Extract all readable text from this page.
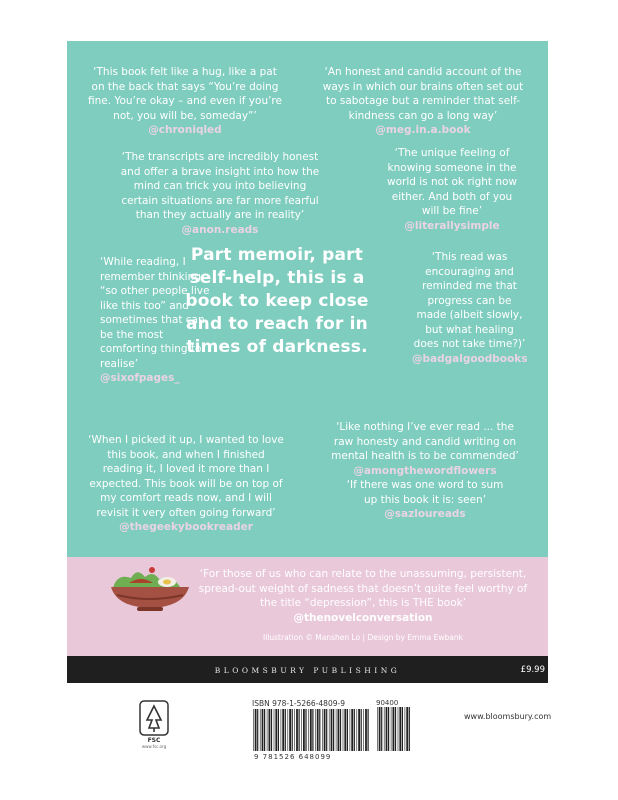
‘This book felt like a hug, like a pat on the back that says “You’re doing fine. You’re okay – and even if you’re not, you will be, someday”’
@chroniqled
‘An honest and candid account of the ways in which our brains often set out to sabotage but a reminder that self-kindness can go a long way’
@meg.in.a.book
‘The transcripts are incredibly honest and offer a brave insight into how the mind can trick you into believing certain situations are far more fearful than they actually are in reality’ @anon.reads
‘The unique feeling of knowing someone in the world is not ok right now either. And both of you will be fine’ @literallysimple
‘While reading, I remember thinking “so other people live like this too” and sometimes that can be the most comforting thing to realise’
@sixofpages_
‘This read was encouraging and reminded me that progress can be made (albeit slowly, but what healing does not take time?)’
@badgalgoodbooks
Part memoir, part self-help, this is a book to keep close and to reach for in times of darkness.
‘When I picked it up, I wanted to love this book, and when I finished reading it, I loved it more than I expected. This book will be on top of my comfort reads now, and I will revisit it very often going forward’
@thegeekybookreader
‘Like nothing I’ve ever read ... the raw honesty and candid writing on mental health is to be commended’
@amongthewordflowers
‘If there was one word to sum up this book it is: seen’
@sazloureads
‘For those of us who can relate to the unassuming, persistent, spread-out weight of sadness that doesn’t quite feel worthy of the title “depression”, this is THE book’ @thenovelconversation
Illustration © Manshen Lo | Design by Emma Ewbank
BLOOMSBURY PUBLISHING	£9.99
FSC
www.fsc.org
ISBN 978-1-5266-4809-9
9 781526 648099
90400
www.bloomsbury.com
